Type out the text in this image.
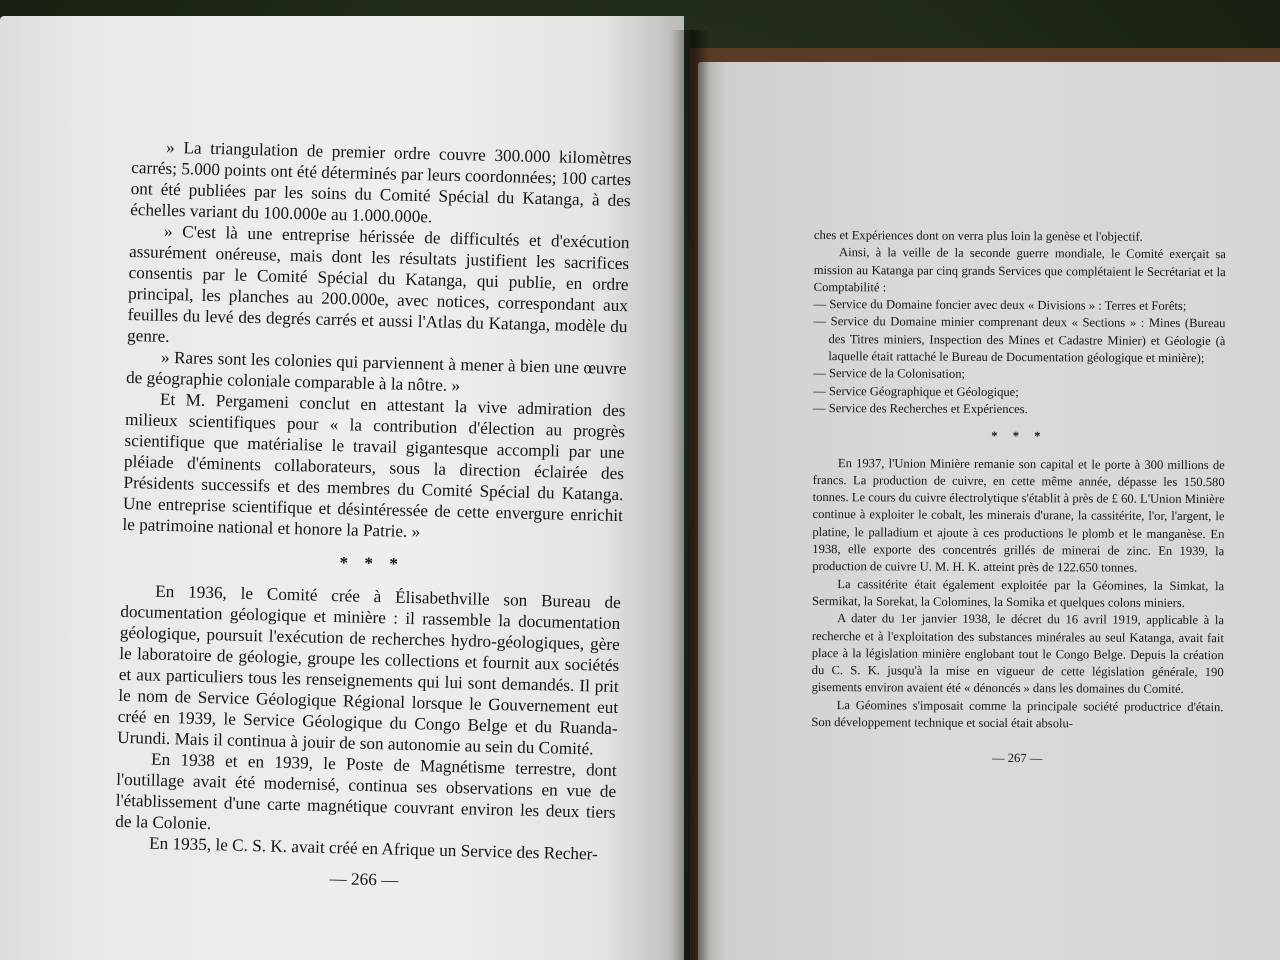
» La triangulation de premier ordre couvre 300.000 kilomètres carrés; 5.000 points ont été déterminés par leurs coordonnées; 100 cartes ont été publiées par les soins du Comité Spécial du Katanga, à des échelles variant du 100.000e au 1.000.000e.

» C'est là une entreprise hérissée de difficultés et d'exécution assurément onéreuse, mais dont les résultats justifient les sacrifices consentis par le Comité Spécial du Katanga, qui publie, en ordre principal, les planches au 200.000e, avec notices, correspondant aux feuilles du levé des degrés carrés et aussi l'Atlas du Katanga, modèle du genre.

» Rares sont les colonies qui parviennent à mener à bien une œuvre de géographie coloniale comparable à la nôtre. »

Et M. Pergameni conclut en attestant la vive admiration des milieux scientifiques pour « la contribution d'élection au progrès scientifique que matérialise le travail gigantesque accompli par une pléiade d'éminents collaborateurs, sous la direction éclairée des Présidents successifs et des membres du Comité Spécial du Katanga. Une entreprise scientifique et désintéressée de cette envergure enrichit le patrimoine national et honore la Patrie. »

* * *

En 1936, le Comité crée à Élisabethville son Bureau de documentation géologique et minière : il rassemble la documentation géologique, poursuit l'exécution de recherches hydro-géologiques, gère le laboratoire de géologie, groupe les collections et fournit aux sociétés et aux particuliers tous les renseignements qui lui sont demandés. Il prit le nom de Service Géologique Régional lorsque le Gouvernement eut créé en 1939, le Service Géologique du Congo Belge et du Ruanda-Urundi. Mais il continua à jouir de son autonomie au sein du Comité.

En 1938 et en 1939, le Poste de Magnétisme terrestre, dont l'outillage avait été modernisé, continua ses observations en vue de l'établissement d'une carte magnétique couvrant environ les deux tiers de la Colonie.

En 1935, le C. S. K. avait créé en Afrique un Service des Recher-

— 266 —

ches et Expériences dont on verra plus loin la genèse et l'objectif.

Ainsi, à la veille de la seconde guerre mondiale, le Comité exerçait sa mission au Katanga par cinq grands Services que complétaient le Secrétariat et la Comptabilité :

— Service du Domaine foncier avec deux « Divisions » : Terres et Forêts;

— Service du Domaine minier comprenant deux « Sections » : Mines (Bureau des Titres miniers, Inspection des Mines et Cadastre Minier) et Géologie (à laquelle était rattaché le Bureau de Documentation géologique et minière);

— Service de la Colonisation;

— Service Géographique et Géologique;

— Service des Recherches et Expériences.

* * *

En 1937, l'Union Minière remanie son capital et le porte à 300 millions de francs. La production de cuivre, en cette même année, dépasse les 150.580 tonnes. Le cours du cuivre électrolytique s'établit à près de £ 60. L'Union Minière continue à exploiter le cobalt, les minerais d'urane, la cassitérite, l'or, l'argent, le platine, le palladium et ajoute à ces productions le plomb et le manganèse. En 1938, elle exporte des concentrés grillés de minerai de zinc. En 1939, la production de cuivre U. M. H. K. atteint près de 122.650 tonnes.

La cassitérite était également exploitée par la Géomines, la Simkat, la Sermikat, la Sorekat, la Colomines, la Somika et quelques colons miniers.

A dater du 1er janvier 1938, le décret du 16 avril 1919, applicable à la recherche et à l'exploitation des substances minérales au seul Katanga, avait fait place à la législation minière englobant tout le Congo Belge. Depuis la création du C. S. K. jusqu'à la mise en vigueur de cette législation générale, 190 gisements environ avaient été « dénoncés » dans les domaines du Comité.

La Géomines s'imposait comme la principale société productrice d'étain. Son développement technique et social était absolu-

— 267 —
